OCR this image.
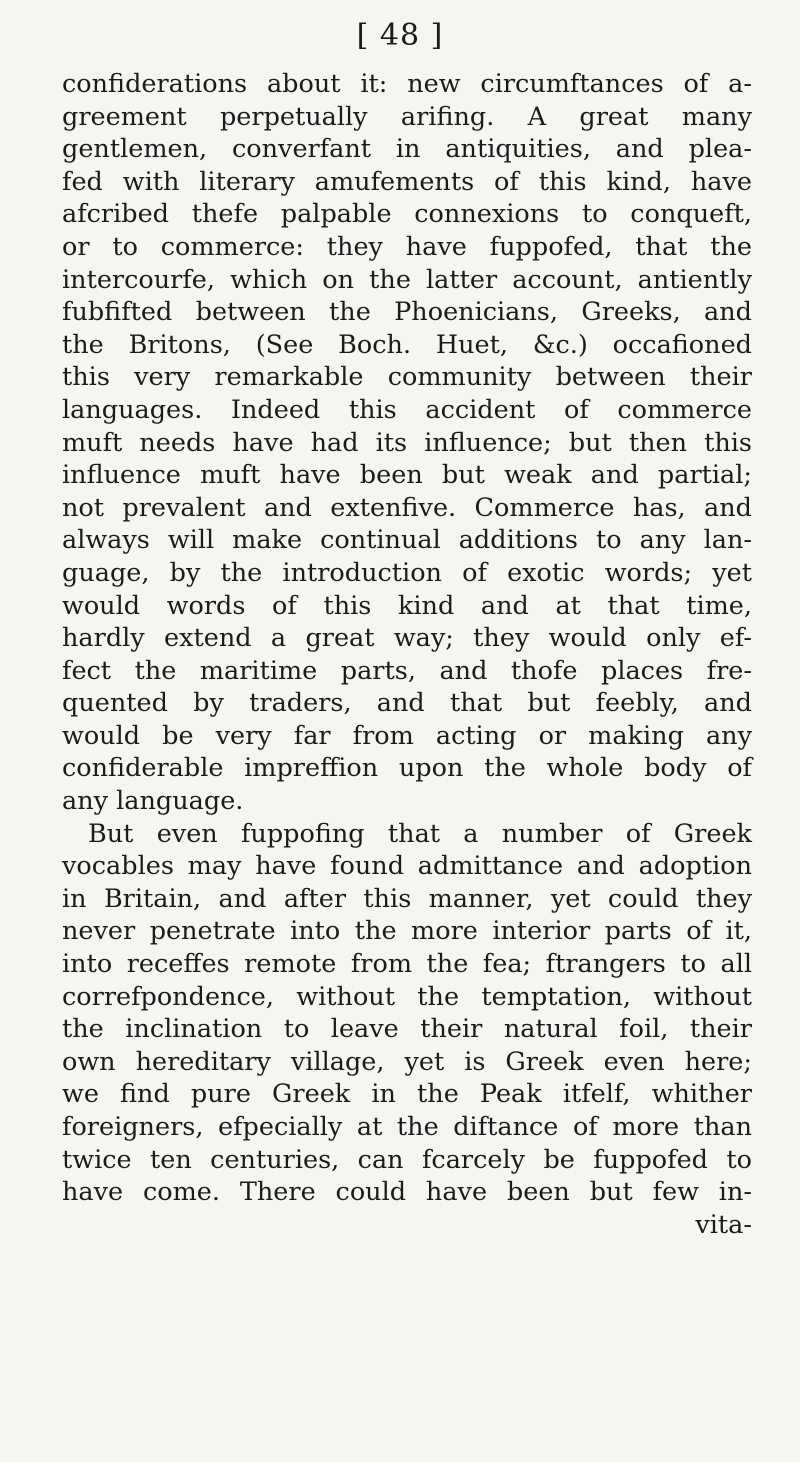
[ 48 ]
confiderations about it: new circumftances of a-
greement perpetually arifing. A great many
gentlemen, converfant in antiquities, and plea-
fed with literary amufements of this kind, have
afcribed thefe palpable connexions to conqueft,
or to commerce: they have fuppofed, that the
intercourfe, which on the latter account, antiently
fubfifted between the Phoenicians, Greeks, and
the Britons, (See Boch. Huet, &c.) occafioned
this very remarkable community between their
languages. Indeed this accident of commerce
muft needs have had its influence; but then this
influence muft have been but weak and partial;
not prevalent and extenfive. Commerce has, and
always will make continual additions to any lan-
guage, by the introduction of exotic words; yet
would words of this kind and at that time,
hardly extend a great way; they would only ef-
fect the maritime parts, and thofe places fre-
quented by traders, and that but feebly, and
would be very far from acting or making any
confiderable impreffion upon the whole body of
any language.
But even fuppofing that a number of Greek
vocables may have found admittance and adoption
in Britain, and after this manner, yet could they
never penetrate into the more interior parts of it,
into receffes remote from the fea; ftrangers to all
correfpondence, without the temptation, without
the inclination to leave their natural foil, their
own hereditary village, yet is Greek even here;
we find pure Greek in the Peak itfelf, whither
foreigners, efpecially at the diftance of more than
twice ten centuries, can fcarcely be fuppofed to
have come. There could have been but few in-
vita-
